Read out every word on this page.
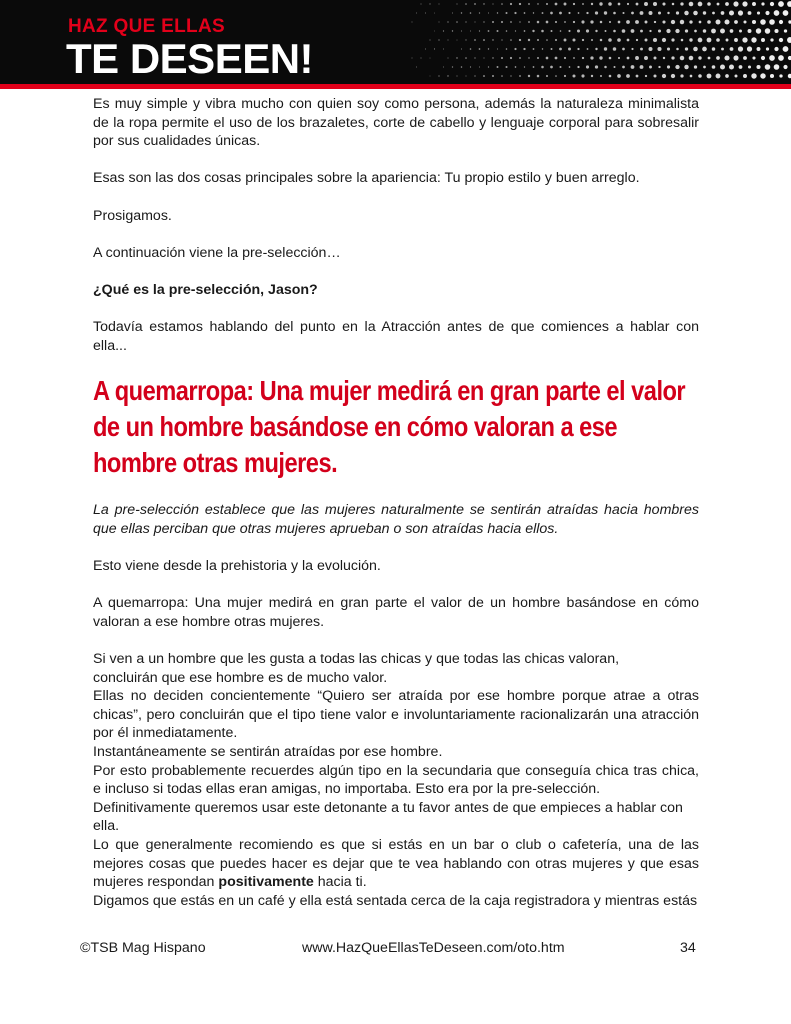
HAZ QUE ELLAS
TE DESEEN!

Es muy simple y vibra mucho con quien soy como persona, además la naturaleza minimalista de la ropa permite el uso de los brazaletes, corte de cabello y lenguaje corporal para sobresalir por sus cualidades únicas.

Esas son las dos cosas principales sobre la apariencia: Tu propio estilo y buen arreglo.

Prosigamos.

A continuación viene la pre-selección…

¿Qué es la pre-selección, Jason?

Todavía estamos hablando del punto en la Atracción antes de que comiences a hablar con ella...

A quemarropa: Una mujer medirá en gran parte el valor de un hombre basándose en cómo valoran a ese hombre otras mujeres.

La pre-selección establece que las mujeres naturalmente se sentirán atraídas hacia hombres que ellas perciban que otras mujeres aprueban o son atraídas hacia ellos.

Esto viene desde la prehistoria y la evolución.

A quemarropa: Una mujer medirá en gran parte el valor de un hombre basándose en cómo valoran a ese hombre otras mujeres.

Si ven a un hombre que les gusta a todas las chicas y que todas las chicas valoran,

concluirán que ese hombre es de mucho valor.

Ellas no deciden concientemente “Quiero ser atraída por ese hombre porque atrae a otras chicas”, pero concluirán que el tipo tiene valor e involuntariamente racionalizarán una atracción por él inmediatamente.

Instantáneamente se sentirán atraídas por ese hombre.

Por esto probablemente recuerdes algún tipo en la secundaria que conseguía chica tras chica, e incluso si todas ellas eran amigas, no importaba. Esto era por la pre-selección.

Definitivamente queremos usar este detonante a tu favor antes de que empieces a hablar con ella.

Lo que generalmente recomiendo es que si estás en un bar o club o cafetería, una de las mejores cosas que puedes hacer es dejar que te vea hablando con otras mujeres y que esas mujeres respondan positivamente hacia ti.

Digamos que estás en un café y ella está sentada cerca de la caja registradora y mientras estás

©TSB Mag Hispano	www.HazQueEllasTeDeseen.com/oto.htm	34
